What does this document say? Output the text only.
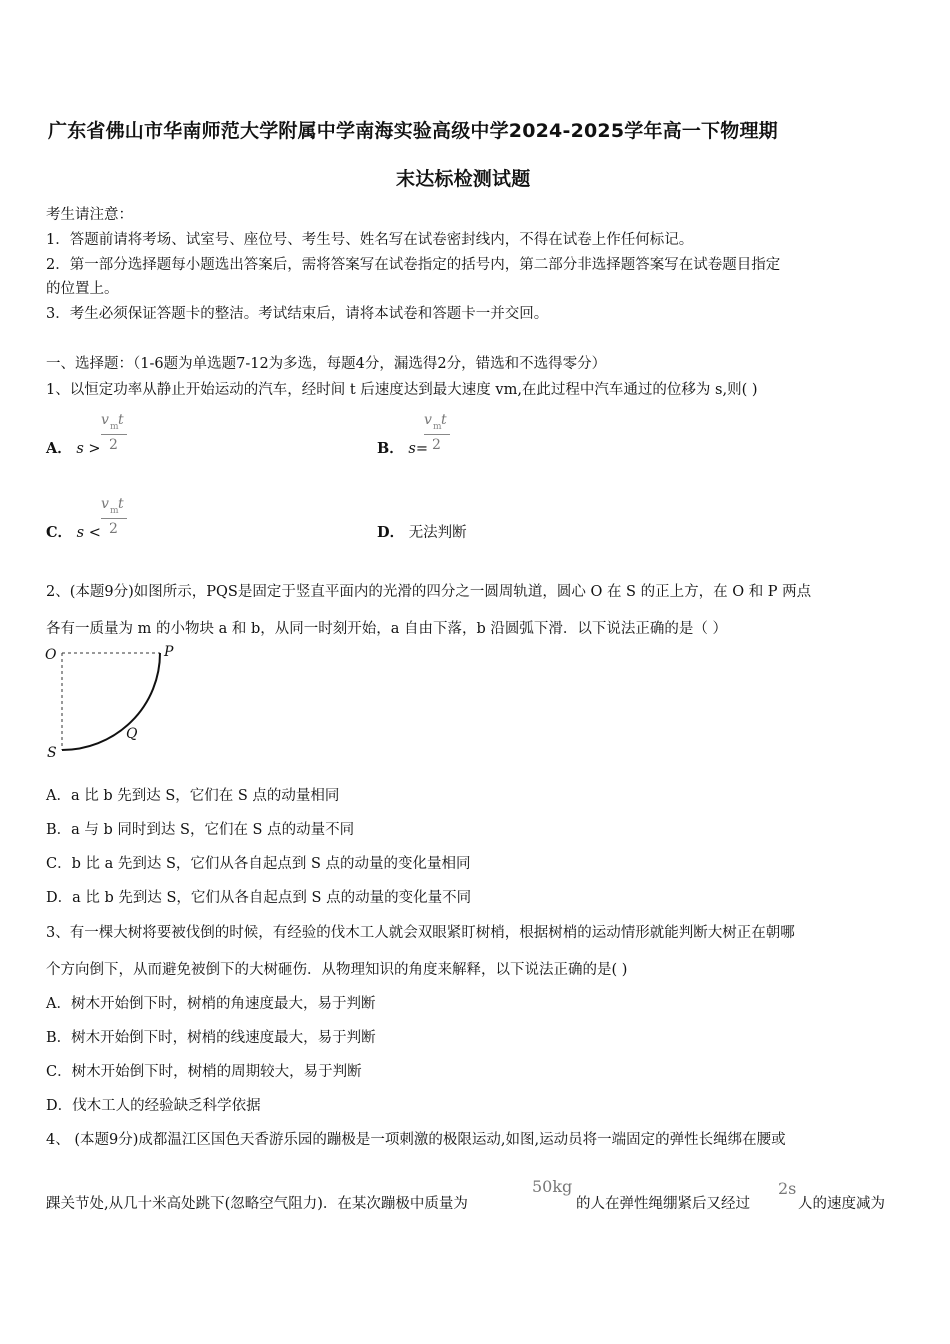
广东省佛山市华南师范大学附属中学南海实验高级中学2024-2025学年高一下物理期
末达标检测试题
考生请注意：
1．答题前请将考场、试室号、座位号、考生号、姓名写在试卷密封线内，不得在试卷上作任何标记。
2．第一部分选择题每小题选出答案后，需将答案写在试卷指定的括号内，第二部分非选择题答案写在试卷题目指定
的位置上。
3．考生必须保证答题卡的整洁。考试结束后，请将本试卷和答题卡一并交回。
一、选择题：（1-6题为单选题7-12为多选，每题4分，漏选得2分，错选和不选得零分）
1、以恒定功率从静止开始运动的汽车，经时间 t 后速度达到最大速度 vm,在此过程中汽车通过的位移为 s,则( )
A． s >
v m t
2	B． s=
v m t
2
C． s <
v m t
2	D． 无法判断
2、(本题9分)如图所示，PQS是固定于竖直平面内的光滑的四分之一圆周轨道，圆心 O 在 S 的正上方，在 O 和 P 两点
各有一质量为 m 的小物块 a 和 b，从同一时刻开始，a 自由下落，b 沿圆弧下滑．以下说法正确的是（ ）
O	P
Q
S
A．a 比 b 先到达 S，它们在 S 点的动量相同
B．a 与 b 同时到达 S，它们在 S 点的动量不同
C．b 比 a 先到达 S，它们从各自起点到 S 点的动量的变化量相同
D．a 比 b 先到达 S，它们从各自起点到 S 点的动量的变化量不同
3、有一棵大树将要被伐倒的时候，有经验的伐木工人就会双眼紧盯树梢，根据树梢的运动情形就能判断大树正在朝哪
个方向倒下，从而避免被倒下的大树砸伤．从物理知识的角度来解释，以下说法正确的是( )
A．树木开始倒下时，树梢的角速度最大，易于判断
B．树木开始倒下时，树梢的线速度最大，易于判断
C．树木开始倒下时，树梢的周期较大，易于判断
D．伐木工人的经验缺乏科学依据
4、 (本题9分)成都温江区国色天香游乐园的蹦极是一项刺激的极限运动,如图,运动员将一端固定的弹性长绳绑在腰或
踝关节处,从几十米高处跳下(忽略空气阻力)．在某次蹦极中质量为
50kg
的人在弹性绳绷紧后又经过
2s
人的速度减为
